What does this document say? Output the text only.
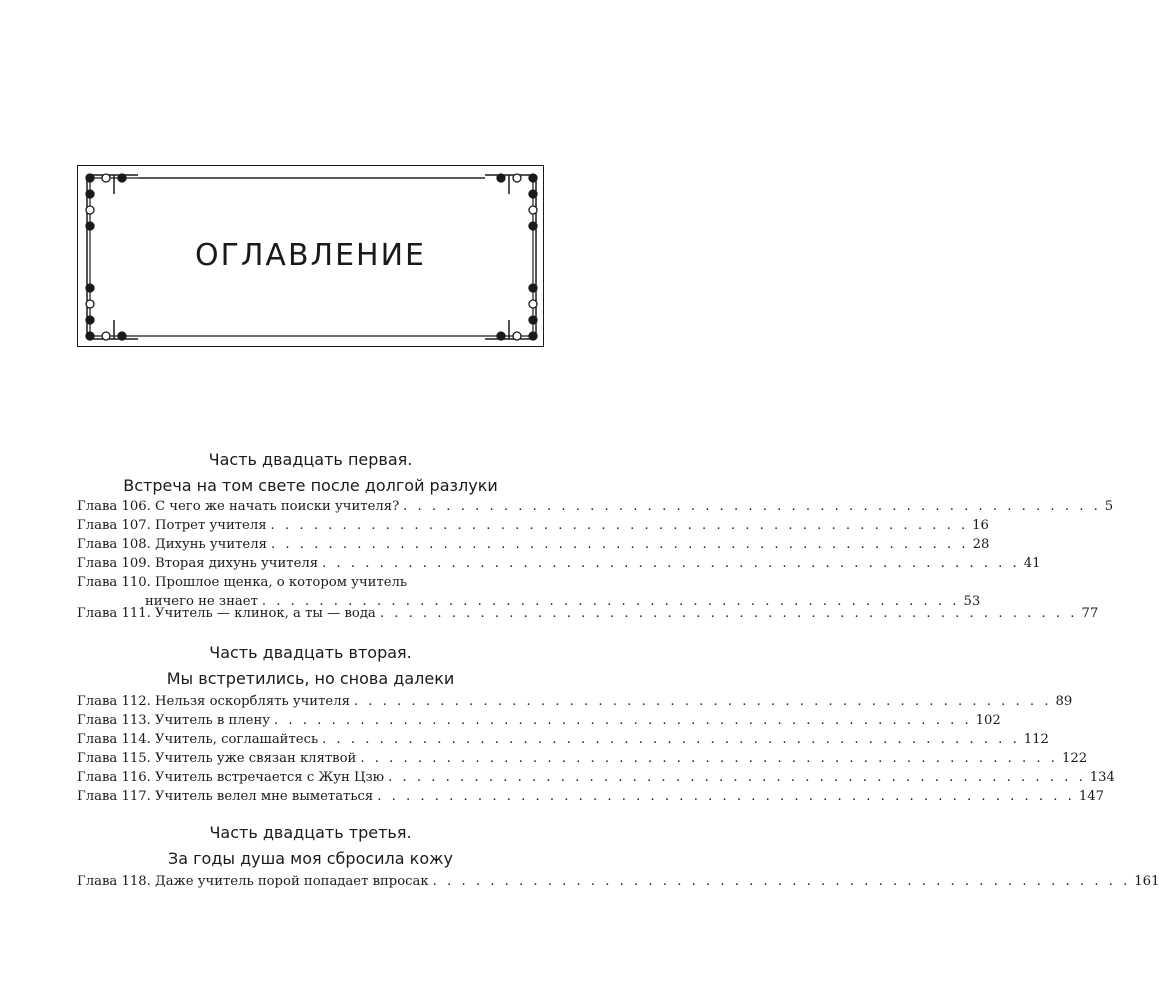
ОГЛАВЛЕНИЕ
Часть двадцать первая.
Встреча на том свете после долгой разлуки
Глава 106. С чего же начать поиски учителя? . . . . . . . . . . . . . . . . . . . . . . . . . . . . . . . . . . . . . . . . . . . . . . . . . 5
Глава 107. Потрет учителя . . . . . . . . . . . . . . . . . . . . . . . . . . . . . . . . . . . . . . . . . . . . . . . . . 16
Глава 108. Дихунь учителя . . . . . . . . . . . . . . . . . . . . . . . . . . . . . . . . . . . . . . . . . . . . . . . . . 28
Глава 109. Вторая дихунь учителя . . . . . . . . . . . . . . . . . . . . . . . . . . . . . . . . . . . . . . . . . . . . . . . . . 41
Глава 110. Прошлое щенка, о котором учитель
ничего не знает . . . . . . . . . . . . . . . . . . . . . . . . . . . . . . . . . . . . . . . . . . . . . . . . . 53
Глава 111. Учитель — клинок, а ты — вода . . . . . . . . . . . . . . . . . . . . . . . . . . . . . . . . . . . . . . . . . . . . . . . . . 77
Часть двадцать вторая.
Мы встретились, но снова далеки
Глава 112. Нельзя оскорблять учителя . . . . . . . . . . . . . . . . . . . . . . . . . . . . . . . . . . . . . . . . . . . . . . . . . 89
Глава 113. Учитель в плену . . . . . . . . . . . . . . . . . . . . . . . . . . . . . . . . . . . . . . . . . . . . . . . . . 102
Глава 114. Учитель, соглашайтесь . . . . . . . . . . . . . . . . . . . . . . . . . . . . . . . . . . . . . . . . . . . . . . . . . 112
Глава 115. Учитель уже связан клятвой . . . . . . . . . . . . . . . . . . . . . . . . . . . . . . . . . . . . . . . . . . . . . . . . . 122
Глава 116. Учитель встречается с Жун Цзю . . . . . . . . . . . . . . . . . . . . . . . . . . . . . . . . . . . . . . . . . . . . . . . . . 134
Глава 117. Учитель велел мне выметаться . . . . . . . . . . . . . . . . . . . . . . . . . . . . . . . . . . . . . . . . . . . . . . . . . 147
Часть двадцать третья.
За годы душа моя сбросила кожу
Глава 118. Даже учитель порой попадает впросак . . . . . . . . . . . . . . . . . . . . . . . . . . . . . . . . . . . . . . . . . . . . . . . . . 161
